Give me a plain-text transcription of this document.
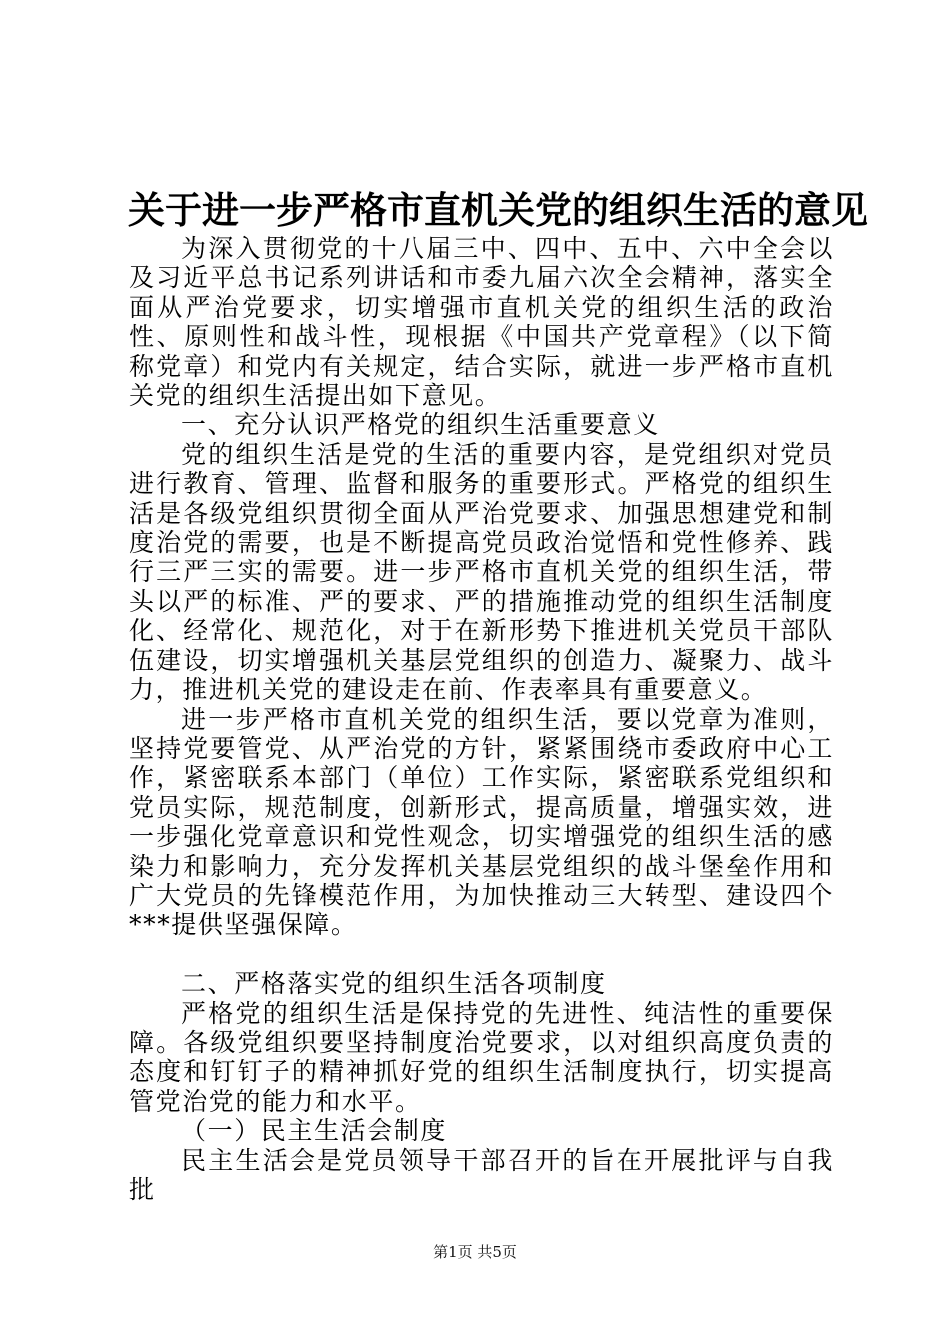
关于进一步严格市直机关党的组织生活的意见

为深入贯彻党的十八届三中、四中、五中、六中全会以及习近平总书记系列讲话和市委九届六次全会精神，落实全面从严治党要求，切实增强市直机关党的组织生活的政治性、原则性和战斗性，现根据《中国共产党章程》（以下简称党章）和党内有关规定，结合实际，就进一步严格市直机关党的组织生活提出如下意见。

一、充分认识严格党的组织生活重要意义

党的组织生活是党的生活的重要内容，是党组织对党员进行教育、管理、监督和服务的重要形式。严格党的组织生活是各级党组织贯彻全面从严治党要求、加强思想建党和制度治党的需要，也是不断提高党员政治觉悟和党性修养、践行三严三实的需要。进一步严格市直机关党的组织生活，带头以严的标准、严的要求、严的措施推动党的组织生活制度化、经常化、规范化，对于在新形势下推进机关党员干部队伍建设，切实增强机关基层党组织的创造力、凝聚力、战斗力，推进机关党的建设走在前、作表率具有重要意义。

进一步严格市直机关党的组织生活，要以党章为准则，坚持党要管党、从严治党的方针，紧紧围绕市委政府中心工作，紧密联系本部门（单位）工作实际，紧密联系党组织和党员实际，规范制度，创新形式，提高质量，增强实效，进一步强化党章意识和党性观念，切实增强党的组织生活的感染力和影响力，充分发挥机关基层党组织的战斗堡垒作用和广大党员的先锋模范作用，为加快推动三大转型、建设四个***提供坚强保障。

二、严格落实党的组织生活各项制度

严格党的组织生活是保持党的先进性、纯洁性的重要保障。各级党组织要坚持制度治党要求，以对组织高度负责的态度和钉钉子的精神抓好党的组织生活制度执行，切实提高管党治党的能力和水平。

（一）民主生活会制度

民主生活会是党员领导干部召开的旨在开展批评与自我批

第1页 共5页
